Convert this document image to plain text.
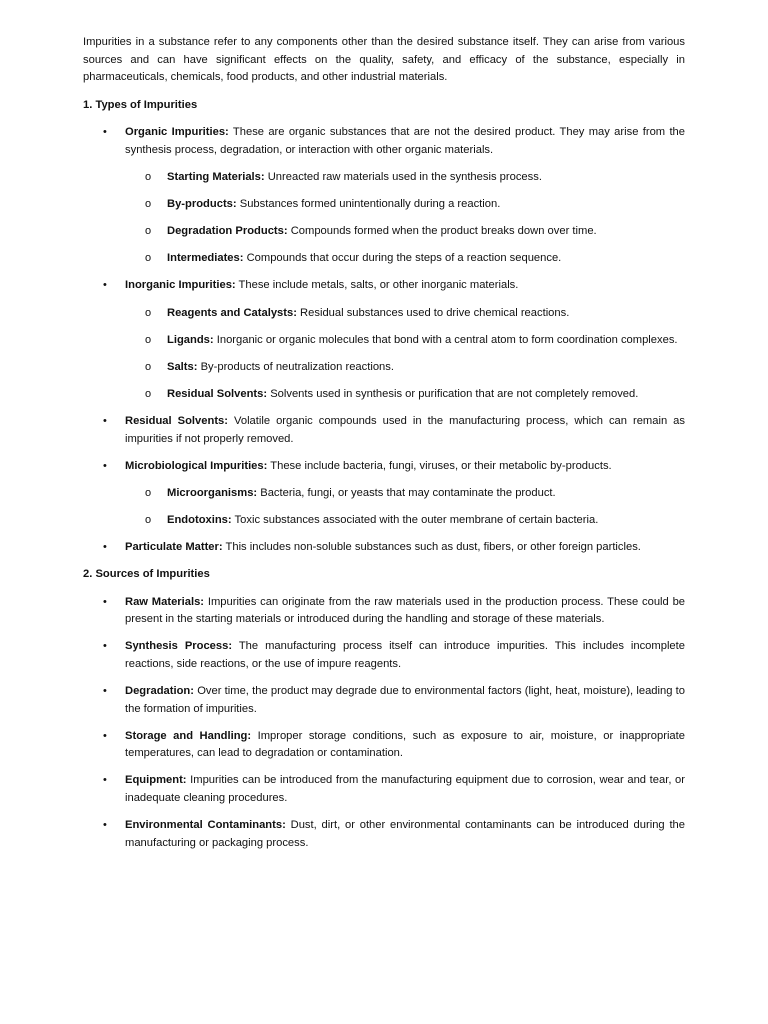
Impurities in a substance refer to any components other than the desired substance itself. They can arise from various sources and can have significant effects on the quality, safety, and efficacy of the substance, especially in pharmaceuticals, chemicals, food products, and other industrial materials.

1. Types of Impurities

• Organic Impurities: These are organic substances that are not the desired product. They may arise from the synthesis process, degradation, or interaction with other organic materials.
o Starting Materials: Unreacted raw materials used in the synthesis process.
o By-products: Substances formed unintentionally during a reaction.
o Degradation Products: Compounds formed when the product breaks down over time.
o Intermediates: Compounds that occur during the steps of a reaction sequence.
• Inorganic Impurities: These include metals, salts, or other inorganic materials.
o Reagents and Catalysts: Residual substances used to drive chemical reactions.
o Ligands: Inorganic or organic molecules that bond with a central atom to form coordination complexes.
o Salts: By-products of neutralization reactions.
o Residual Solvents: Solvents used in synthesis or purification that are not completely removed.
• Residual Solvents: Volatile organic compounds used in the manufacturing process, which can remain as impurities if not properly removed.
• Microbiological Impurities: These include bacteria, fungi, viruses, or their metabolic by-products.
o Microorganisms: Bacteria, fungi, or yeasts that may contaminate the product.
o Endotoxins: Toxic substances associated with the outer membrane of certain bacteria.
• Particulate Matter: This includes non-soluble substances such as dust, fibers, or other foreign particles.

2. Sources of Impurities

• Raw Materials: Impurities can originate from the raw materials used in the production process. These could be present in the starting materials or introduced during the handling and storage of these materials.
• Synthesis Process: The manufacturing process itself can introduce impurities. This includes incomplete reactions, side reactions, or the use of impure reagents.
• Degradation: Over time, the product may degrade due to environmental factors (light, heat, moisture), leading to the formation of impurities.
• Storage and Handling: Improper storage conditions, such as exposure to air, moisture, or inappropriate temperatures, can lead to degradation or contamination.
• Equipment: Impurities can be introduced from the manufacturing equipment due to corrosion, wear and tear, or inadequate cleaning procedures.
• Environmental Contaminants: Dust, dirt, or other environmental contaminants can be introduced during the manufacturing or packaging process.
